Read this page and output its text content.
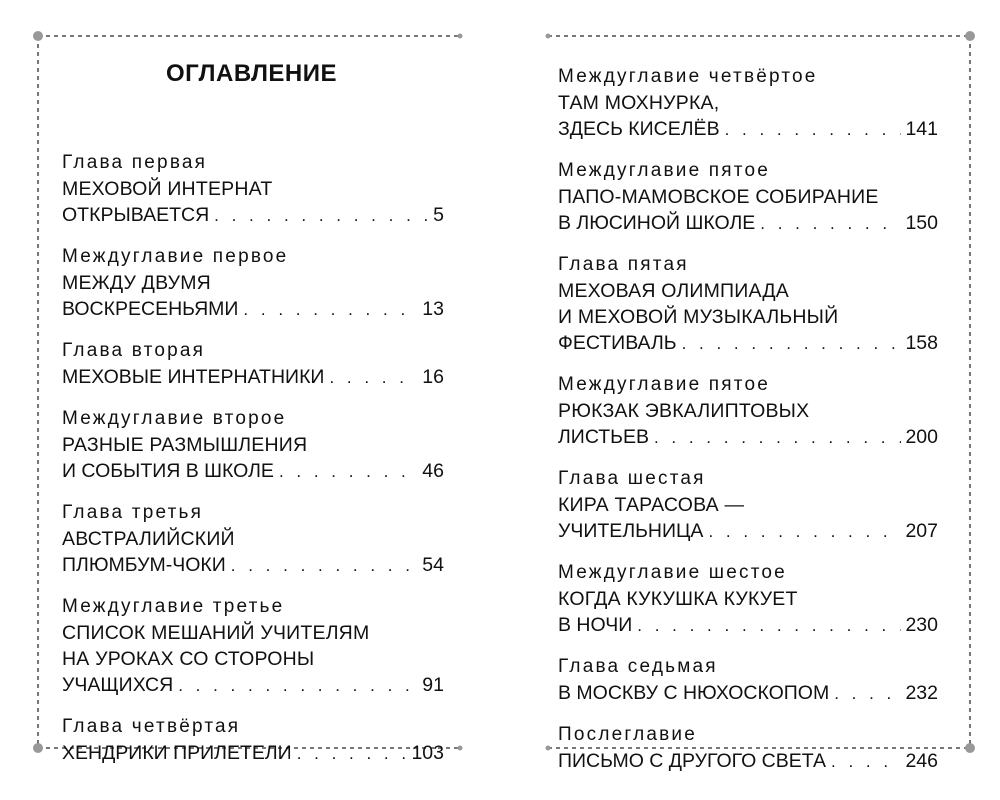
ОГЛАВЛЕНИЕ
Глава первая
МЕХОВОЙ ИНТЕРНАТ
ОТКРЫВАЕТСЯ . . .	5
Междуглавие первое
МЕЖДУ ДВУМЯ
ВОСКРЕСЕНЬЯМИ . . .	13
Глава вторая
МЕХОВЫЕ ИНТЕРНАТНИКИ . . .	16
Междуглавие второе
РАЗНЫЕ РАЗМЫШЛЕНИЯ
И СОБЫТИЯ В ШКОЛЕ . . .	46
Глава третья
АВСТРАЛИЙСКИЙ
ПЛЮМБУМ-ЧОКИ . . .	54
Междуглавие третье
СПИСОК МЕШАНИЙ УЧИТЕЛЯМ
НА УРОКАХ СО СТОРОНЫ
УЧАЩИХСЯ . . .	91
Глава четвёртая
ХЕНДРИКИ ПРИЛЕТЕЛИ . . .	103
Междуглавие четвёртое
ТАМ МОХНУРКА,
ЗДЕСЬ КИСЕЛЁВ . . .	141
Междуглавие пятое
ПАПО-МАМОВСКОЕ СОБИРАНИЕ
В ЛЮСИНОЙ ШКОЛЕ . . .	150
Глава пятая
МЕХОВАЯ ОЛИМПИАДА
И МЕХОВОЙ МУЗЫКАЛЬНЫЙ
ФЕСТИВАЛЬ . . .	158
Междуглавие пятое
РЮКЗАК ЭВКАЛИПТОВЫХ
ЛИСТЬЕВ . . .	200
Глава шестая
КИРА ТАРАСОВА —
УЧИТЕЛЬНИЦА . . .	207
Междуглавие шестое
КОГДА КУКУШКА КУКУЕТ
В НОЧИ . . .	230
Глава седьмая
В МОСКВУ С НЮХОСКОПОМ . . .	232
Послеглавие
ПИСЬМО С ДРУГОГО СВЕТА . . .	246
